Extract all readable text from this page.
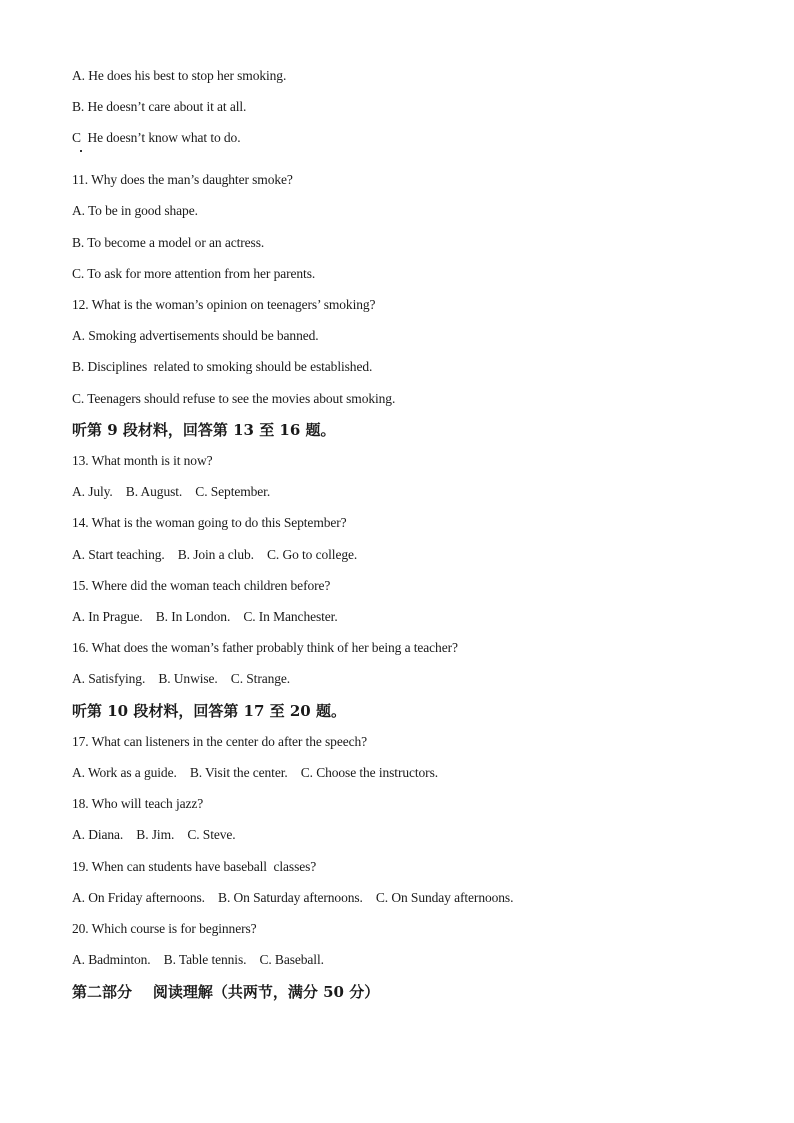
A. He does his best to stop her smoking.
B. He doesn’t care about it at all.
C  He doesn’t know what to do.
11. Why does the man’s daughter smoke?
A. To be in good shape.
B. To become a model or an actress.
C. To ask for more attention from her parents.
12. What is the woman’s opinion on teenagers’ smoking?
A. Smoking advertisements should be banned.
B. Disciplines  related to smoking should be established.
C. Teenagers should refuse to see the movies about smoking.
听第 9 段材料，回答第 13 至 16 题。
13. What month is it now?
A. July.    B. August.    C. September.
14. What is the woman going to do this September?
A. Start teaching.    B. Join a club.    C. Go to college.
15. Where did the woman teach children before?
A. In Prague.    B. In London.    C. In Manchester.
16. What does the woman’s father probably think of her being a teacher?
A. Satisfying.    B. Unwise.    C. Strange.
听第 10 段材料，回答第 17 至 20 题。
17. What can listeners in the center do after the speech?
A. Work as a guide.    B. Visit the center.    C. Choose the instructors.
18. Who will teach jazz?
A. Diana.    B. Jim.    C. Steve.
19. When can students have baseball  classes?
A. On Friday afternoons.    B. On Saturday afternoons.    C. On Sunday afternoons.
20. Which course is for beginners?
A. Badminton.    B. Table tennis.    C. Baseball.
第二部分    阅读理解（共两节，满分 50 分）
